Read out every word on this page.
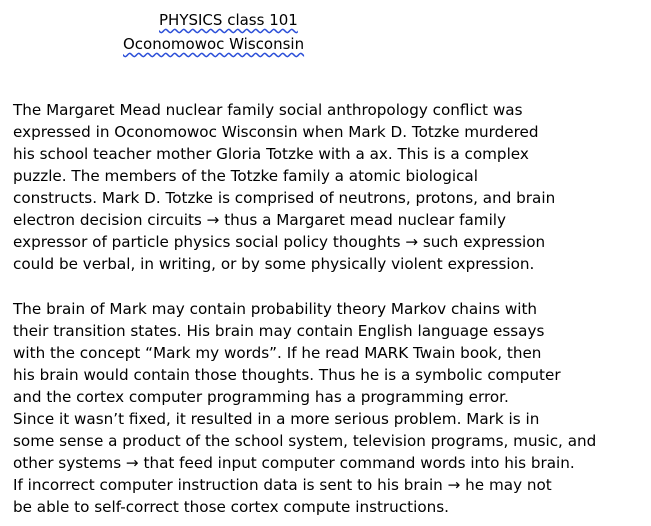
PHYSICS class 101
Oconomowoc Wisconsin
The Margaret Mead nuclear family social anthropology conflict was
expressed in Oconomowoc Wisconsin when Mark D. Totzke murdered
his school teacher mother Gloria Totzke with a ax. This is a complex
puzzle. The members of the Totzke family a atomic biological
constructs. Mark D. Totzke is comprised of neutrons, protons, and brain
electron decision circuits → thus a Margaret mead nuclear family
expressor of particle physics social policy thoughts → such expression
could be verbal, in writing, or by some physically violent expression.
The brain of Mark may contain probability theory Markov chains with
their transition states. His brain may contain English language essays
with the concept “Mark my words”. If he read MARK Twain book, then
his brain would contain those thoughts. Thus he is a symbolic computer
and the cortex computer programming has a programming error.
Since it wasn’t fixed, it resulted in a more serious problem. Mark is in
some sense a product of the school system, television programs, music, and
other systems → that feed input computer command words into his brain.
If incorrect computer instruction data is sent to his brain → he may not
be able to self-correct those cortex compute instructions.
